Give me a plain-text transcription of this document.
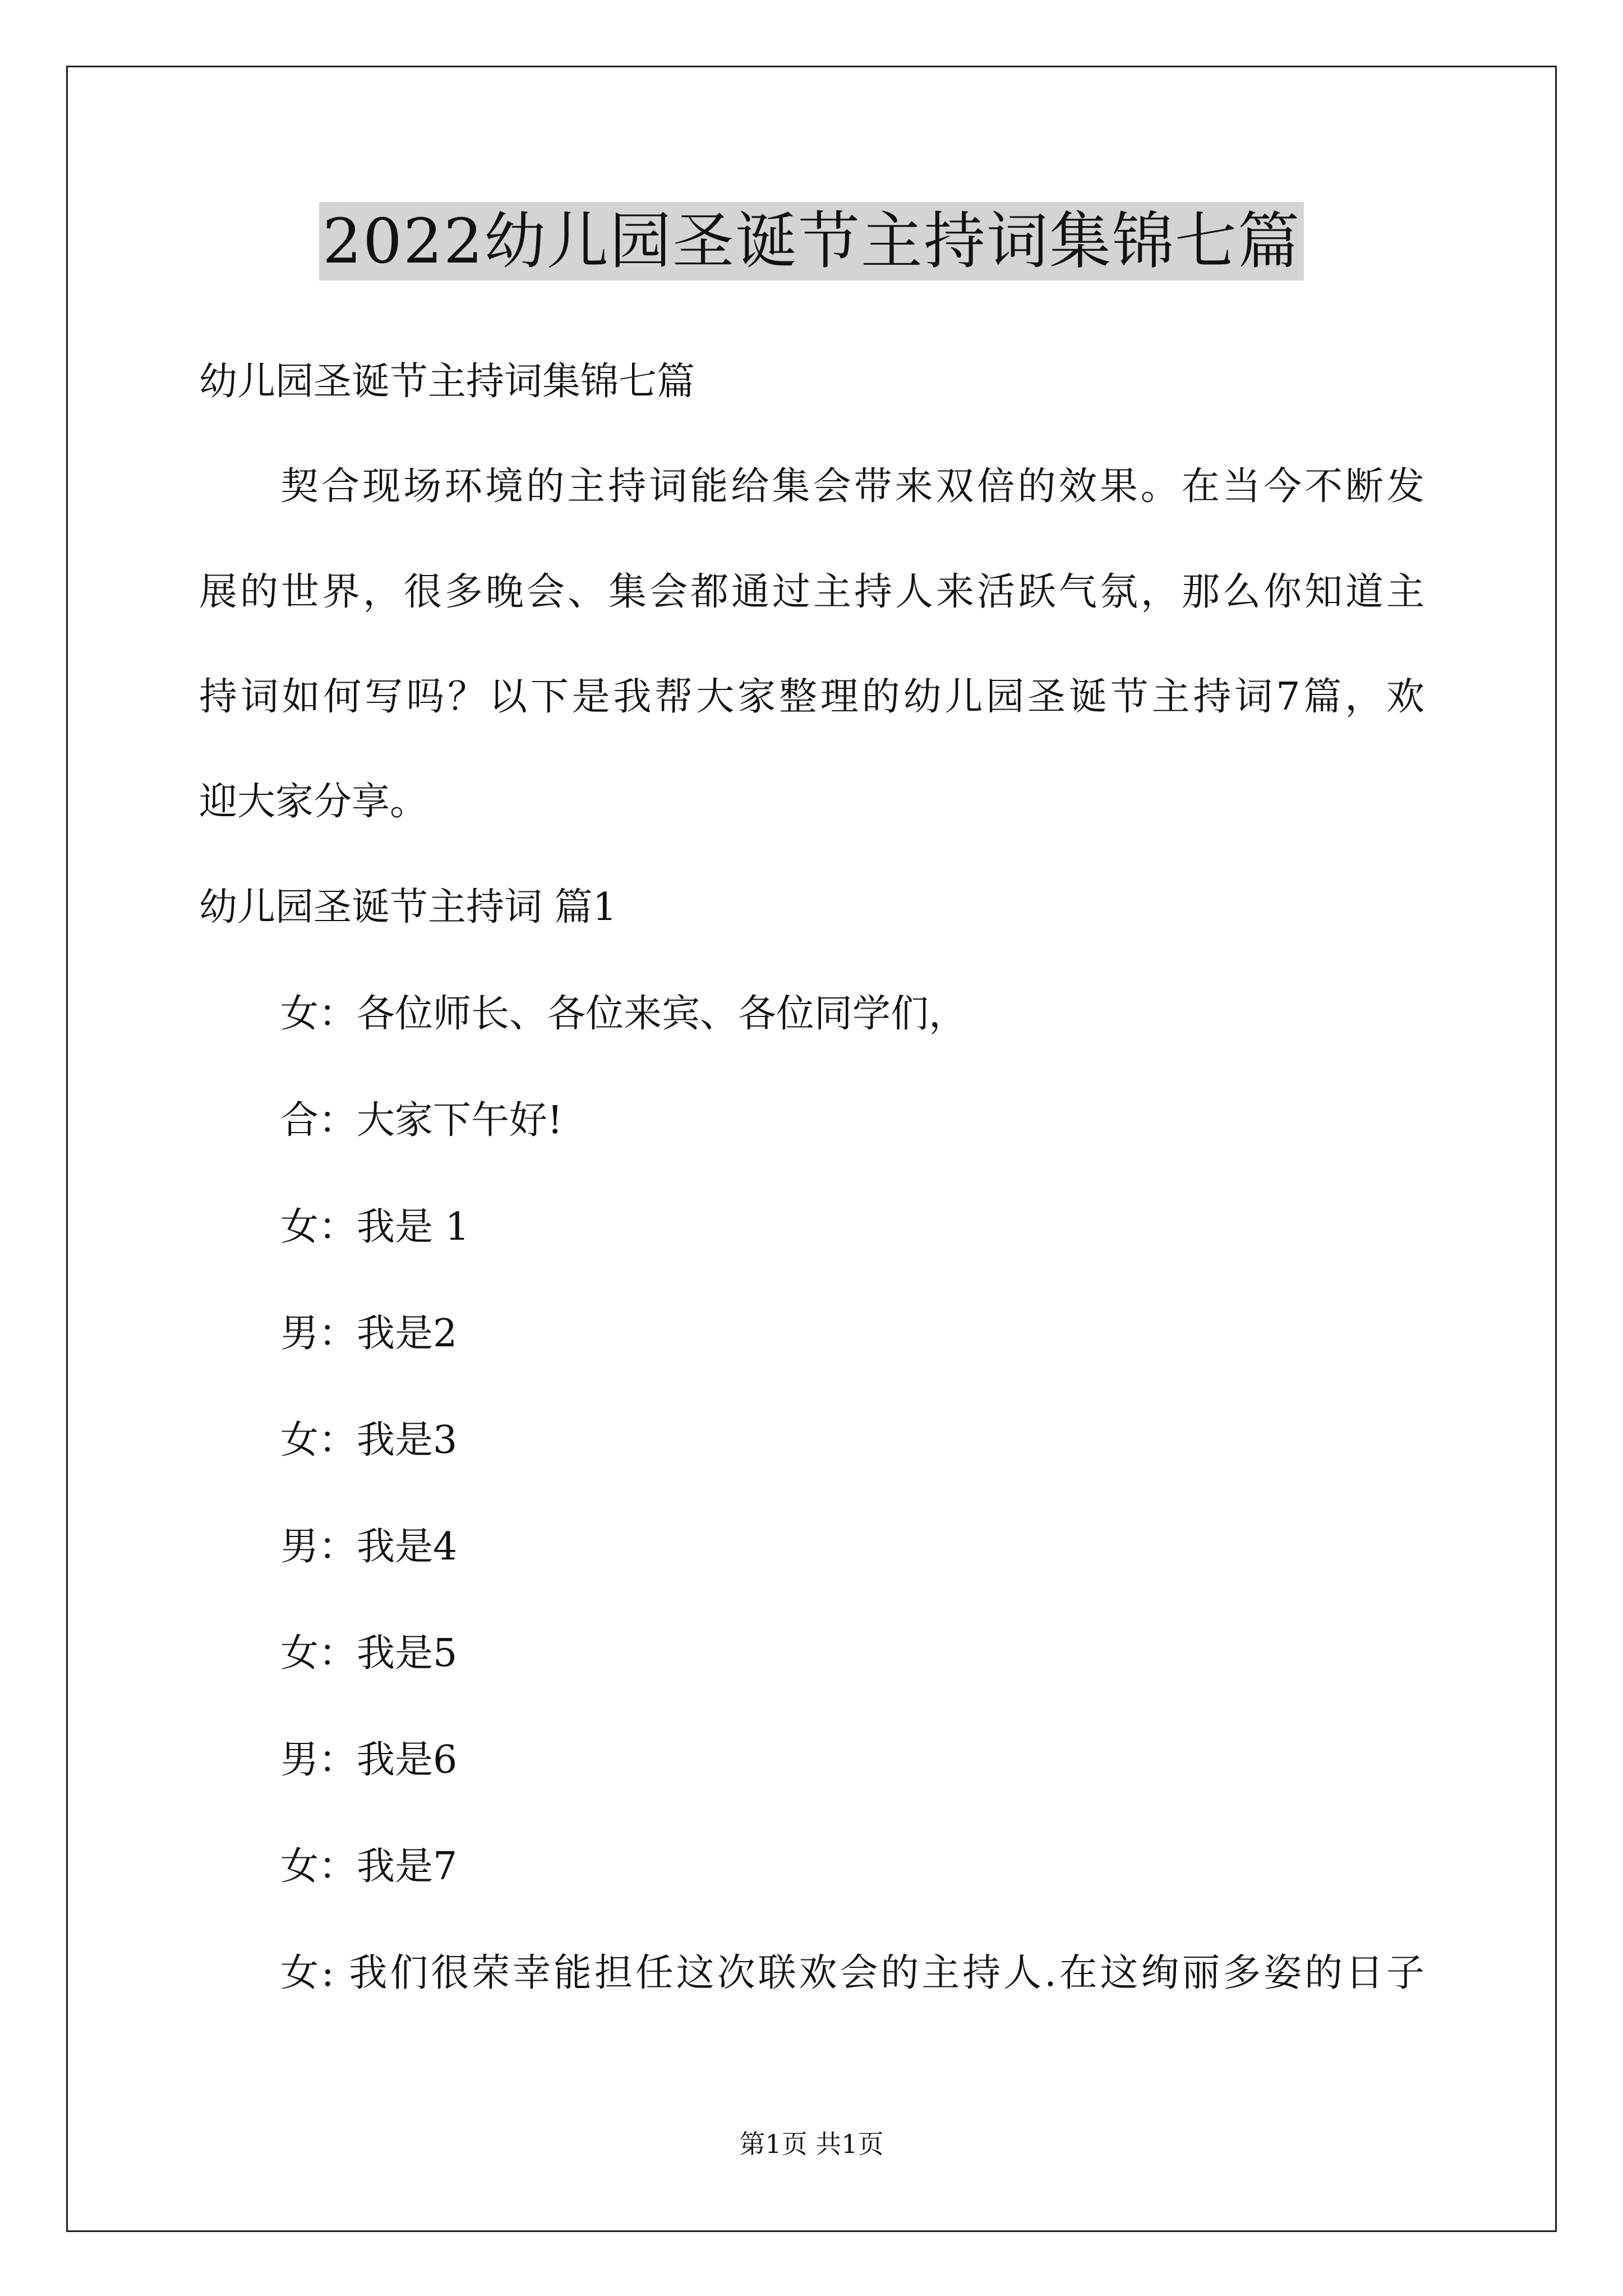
2022幼儿园圣诞节主持词集锦七篇

幼儿园圣诞节主持词集锦七篇

契合现场环境的主持词能给集会带来双倍的效果。在当今不断发

展的世界，很多晚会、集会都通过主持人来活跃气氛，那么你知道主

持词如何写吗？以下是我帮大家整理的幼儿园圣诞节主持词7篇，欢

迎大家分享。

幼儿园圣诞节主持词 篇1

女：各位师长、各位来宾、各位同学们，

合：大家下午好!

女：我是 1

男：我是2

女：我是3

男：我是4

女：我是5

男：我是6

女：我是7

女: 我们很荣幸能担任这次联欢会的主持人.在这绚丽多姿的日子

第1页 共1页
